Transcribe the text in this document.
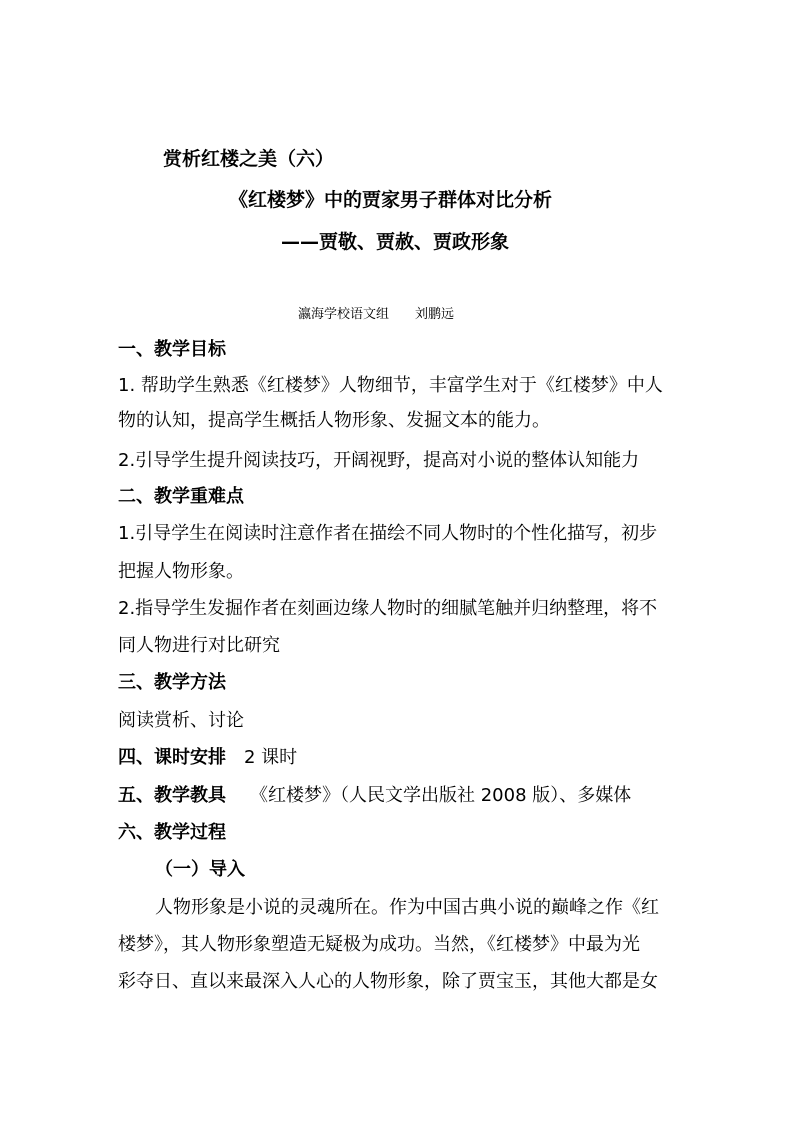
赏析红楼之美（六）
《红楼梦》中的贾家男子群体对比分析
——贾敬、贾赦、贾政形象
瀛海学校语文组 刘鹏远
一、教学目标
1. 帮助学生熟悉《红楼梦》人物细节，丰富学生对于《红楼梦》中人
物的认知，提高学生概括人物形象、发掘文本的能力。
2.引导学生提升阅读技巧，开阔视野，提高对小说的整体认知能力
二、教学重难点
1.引导学生在阅读时注意作者在描绘不同人物时的个性化描写，初步
把握人物形象。
2.指导学生发掘作者在刻画边缘人物时的细腻笔触并归纳整理，将不
同人物进行对比研究
三、教学方法
阅读赏析、讨论
四、课时安排 2 课时
五、教学教具 《红楼梦》（人民文学出版社 2008 版）、多媒体
六、教学过程
（一）导入
人物形象是小说的灵魂所在。作为中国古典小说的巅峰之作《红
楼梦》，其人物形象塑造无疑极为成功。当然，《红楼梦》中最为光
彩夺日、直以来最深入人心的人物形象，除了贾宝玉，其他大都是女
